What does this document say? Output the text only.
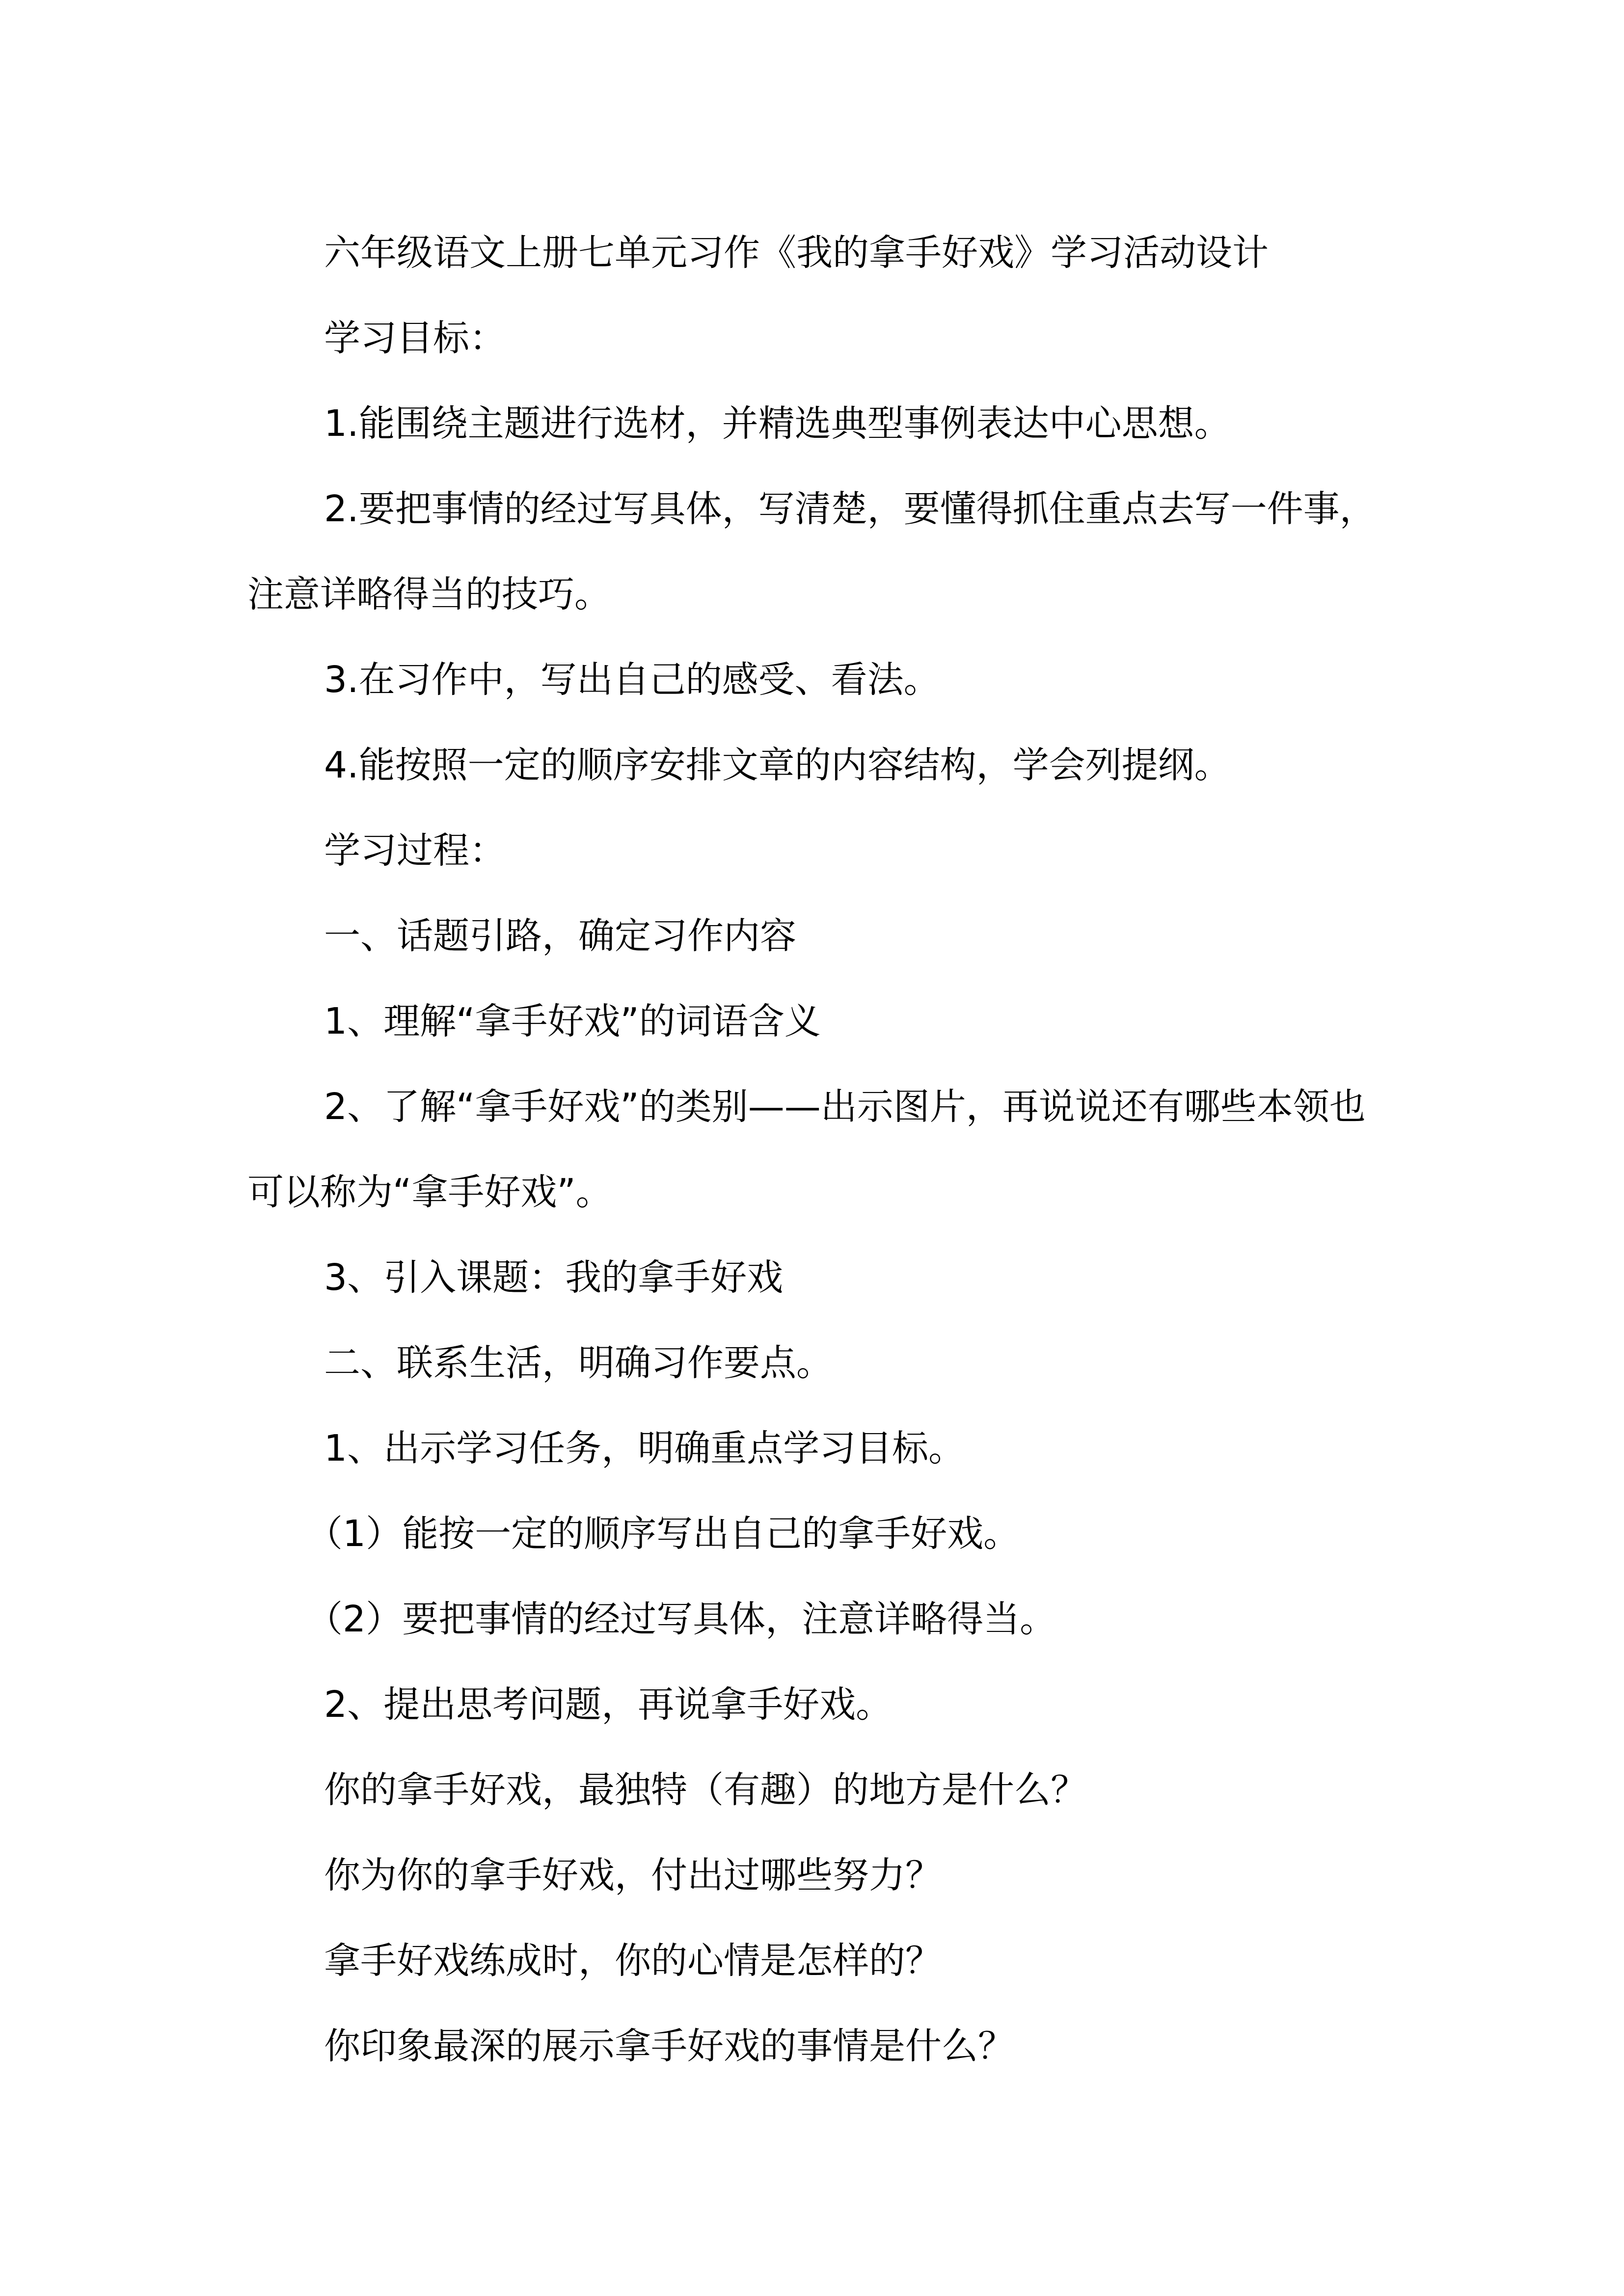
六年级语文上册七单元习作《我的拿手好戏》学习活动设计

学习目标：

1.能围绕主题进行选材，并精选典型事例表达中心思想。

2.要把事情的经过写具体，写清楚，要懂得抓住重点去写一件事，注意详略得当的技巧。

3.在习作中，写出自己的感受、看法。

4.能按照一定的顺序安排文章的内容结构，学会列提纲。

学习过程：

一、话题引路，确定习作内容

1、理解“拿手好戏”的词语含义

2、了解“拿手好戏”的类别——出示图片，再说说还有哪些本领也可以称为“拿手好戏”。

3、引入课题：我的拿手好戏

二、联系生活，明确习作要点。

1、出示学习任务，明确重点学习目标。

（1）能按一定的顺序写出自己的拿手好戏。

（2）要把事情的经过写具体，注意详略得当。

2、提出思考问题，再说拿手好戏。

你的拿手好戏，最独特（有趣）的地方是什么？

你为你的拿手好戏，付出过哪些努力？

拿手好戏练成时，你的心情是怎样的？

你印象最深的展示拿手好戏的事情是什么？
